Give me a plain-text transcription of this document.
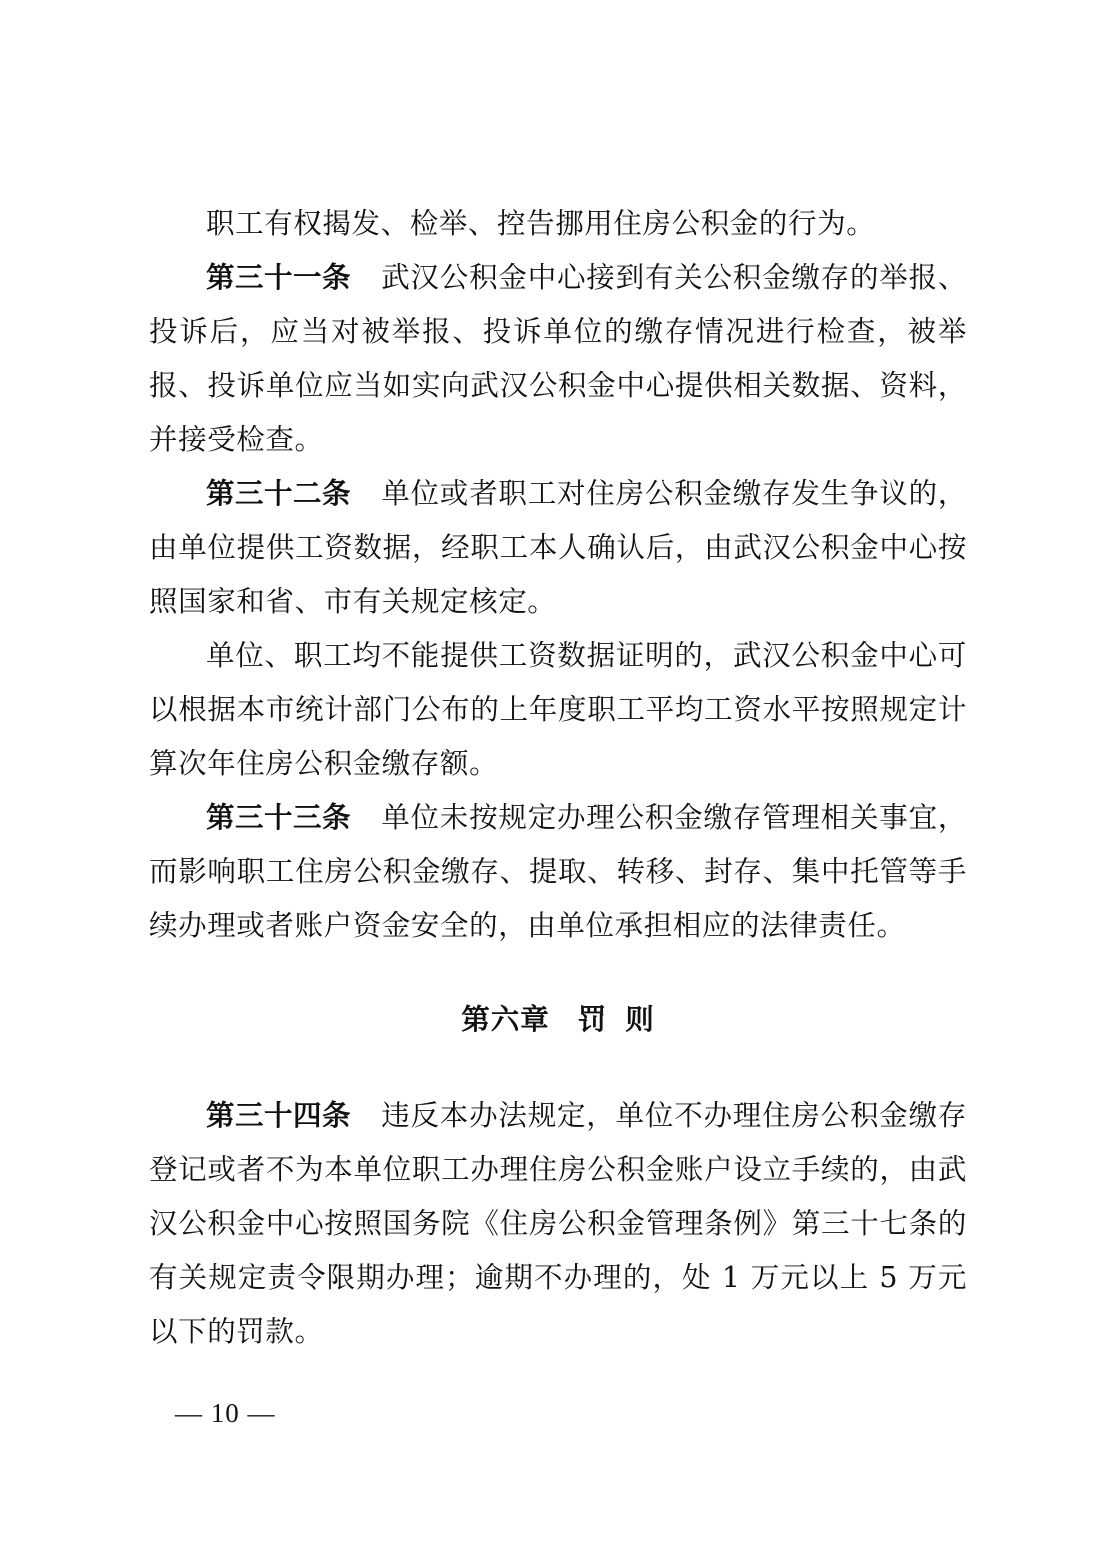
职工有权揭发、检举、控告挪用住房公积金的行为。

第三十一条 武汉公积金中心接到有关公积金缴存的举报、投诉后，应当对被举报、投诉单位的缴存情况进行检查，被举报、投诉单位应当如实向武汉公积金中心提供相关数据、资料，并接受检查。

第三十二条 单位或者职工对住房公积金缴存发生争议的，由单位提供工资数据，经职工本人确认后，由武汉公积金中心按照国家和省、市有关规定核定。

单位、职工均不能提供工资数据证明的，武汉公积金中心可以根据本市统计部门公布的上年度职工平均工资水平按照规定计算次年住房公积金缴存额。

第三十三条 单位未按规定办理公积金缴存管理相关事宜，而影响职工住房公积金缴存、提取、转移、封存、集中托管等手续办理或者账户资金安全的，由单位承担相应的法律责任。

第六章 罚 则

第三十四条 违反本办法规定，单位不办理住房公积金缴存登记或者不为本单位职工办理住房公积金账户设立手续的，由武汉公积金中心按照国务院《住房公积金管理条例》第三十七条的有关规定责令限期办理；逾期不办理的，处 1 万元以上 5 万元以下的罚款。

— 10 —
